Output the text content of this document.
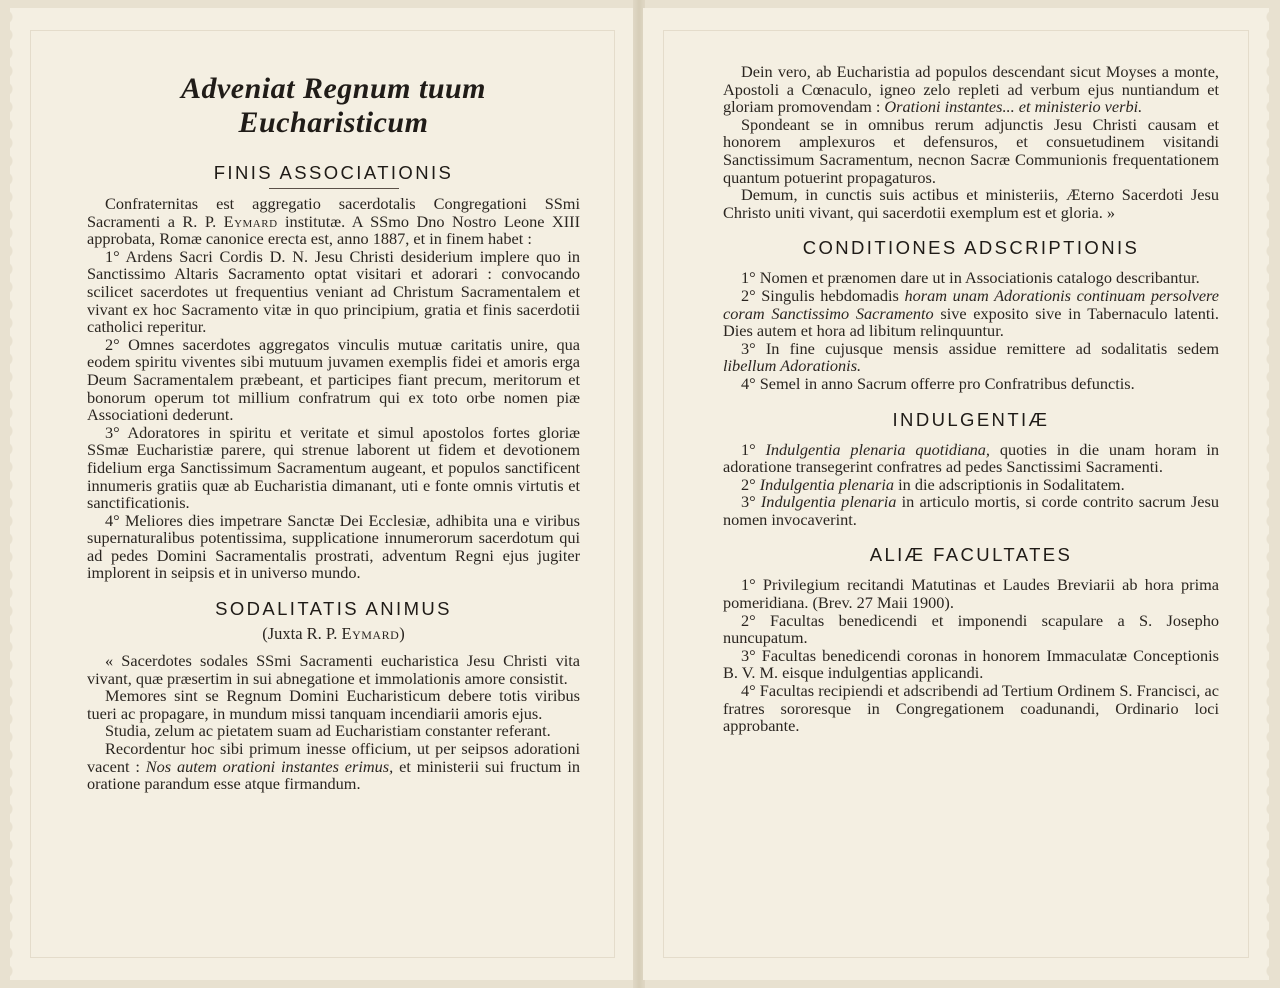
Adveniat Regnum tuum Eucharisticum
FINIS ASSOCIATIONIS

Confraternitas est aggregatio sacerdotalis Congregationi SSmi Sacramenti a R. P. Eymard institutæ. A SSmo Dno Nostro Leone XIII approbata, Romæ canonice erecta est, anno 1887, et in finem habet :

1° Ardens Sacri Cordis D. N. Jesu Christi desiderium implere quo in Sanctissimo Altaris Sacramento optat visitari et adorari : convocando scilicet sacerdotes ut frequentius veniant ad Christum Sacramentalem et vivant ex hoc Sacramento vitæ in quo principium, gratia et finis sacerdotii catholici reperitur.

2° Omnes sacerdotes aggregatos vinculis mutuæ caritatis unire, qua eodem spiritu viventes sibi mutuum juvamen exemplis fidei et amoris erga Deum Sacramentalem præbeant, et participes fiant precum, meritorum et bonorum operum tot millium confratrum qui ex toto orbe nomen piæ Associationi dederunt.

3° Adoratores in spiritu et veritate et simul apostolos fortes gloriæ SSmæ Eucharistiæ parere, qui strenue laborent ut fidem et devotionem fidelium erga Sanctissimum Sacramentum augeant, et populos sanctificent innumeris gratiis quæ ab Eucharistia dimanant, uti e fonte omnis virtutis et sanctificationis.

4° Meliores dies impetrare Sanctæ Dei Ecclesiæ, adhibita una e viribus supernaturalibus potentissima, supplicatione innumerorum sacerdotum qui ad pedes Domini Sacramentalis prostrati, adventum Regni ejus jugiter implorent in seipsis et in universo mundo.

SODALITATIS ANIMUS
(Juxta R. P. Eymard)

« Sacerdotes sodales SSmi Sacramenti eucharistica Jesu Christi vita vivant, quæ præsertim in sui abnegatione et immolationis amore consistit.

Memores sint se Regnum Domini Eucharisticum debere totis viribus tueri ac propagare, in mundum missi tanquam incendiarii amoris ejus.

Studia, zelum ac pietatem suam ad Eucharistiam constanter referant.

Recordentur hoc sibi primum inesse officium, ut per seipsos adorationi vacent : Nos autem orationi instantes erimus, et ministerii sui fructum in oratione parandum esse atque firmandum.

Dein vero, ab Eucharistia ad populos descendant sicut Moyses a monte, Apostoli a Cœnaculo, igneo zelo repleti ad verbum ejus nuntiandum et gloriam promovendam : Orationi instantes... et ministerio verbi.

Spondeant se in omnibus rerum adjunctis Jesu Christi causam et honorem amplexuros et defensuros, et consuetudinem visitandi Sanctissimum Sacramentum, necnon Sacræ Communionis frequentationem quantum potuerint propagaturos.

Demum, in cunctis suis actibus et ministeriis, Æterno Sacerdoti Jesu Christo uniti vivant, qui sacerdotii exemplum est et gloria. »

CONDITIONES ADSCRIPTIONIS

1° Nomen et prænomen dare ut in Associationis catalogo describantur.

2° Singulis hebdomadis horam unam Adorationis continuam persolvere coram Sanctissimo Sacramento sive exposito sive in Tabernaculo latenti. Dies autem et hora ad libitum relinquuntur.

3° In fine cujusque mensis assidue remittere ad sodalitatis sedem libellum Adorationis.

4° Semel in anno Sacrum offerre pro Confratribus defunctis.

INDULGENTIÆ

1° Indulgentia plenaria quotidiana, quoties in die unam horam in adoratione transegerint confratres ad pedes Sanctissimi Sacramenti.

2° Indulgentia plenaria in die adscriptionis in Sodalitatem.

3° Indulgentia plenaria in articulo mortis, si corde contrito sacrum Jesu nomen invocaverint.

ALIÆ FACULTATES

1° Privilegium recitandi Matutinas et Laudes Breviarii ab hora prima pomeridiana. (Brev. 27 Maii 1900).

2° Facultas benedicendi et imponendi scapulare a S. Josepho nuncupatum.

3° Facultas benedicendi coronas in honorem Immaculatæ Conceptionis B. V. M. eisque indulgentias applicandi.

4° Facultas recipiendi et adscribendi ad Tertium Ordinem S. Francisci, ac fratres sororesque in Congregationem coadunandi, Ordinario loci approbante.
